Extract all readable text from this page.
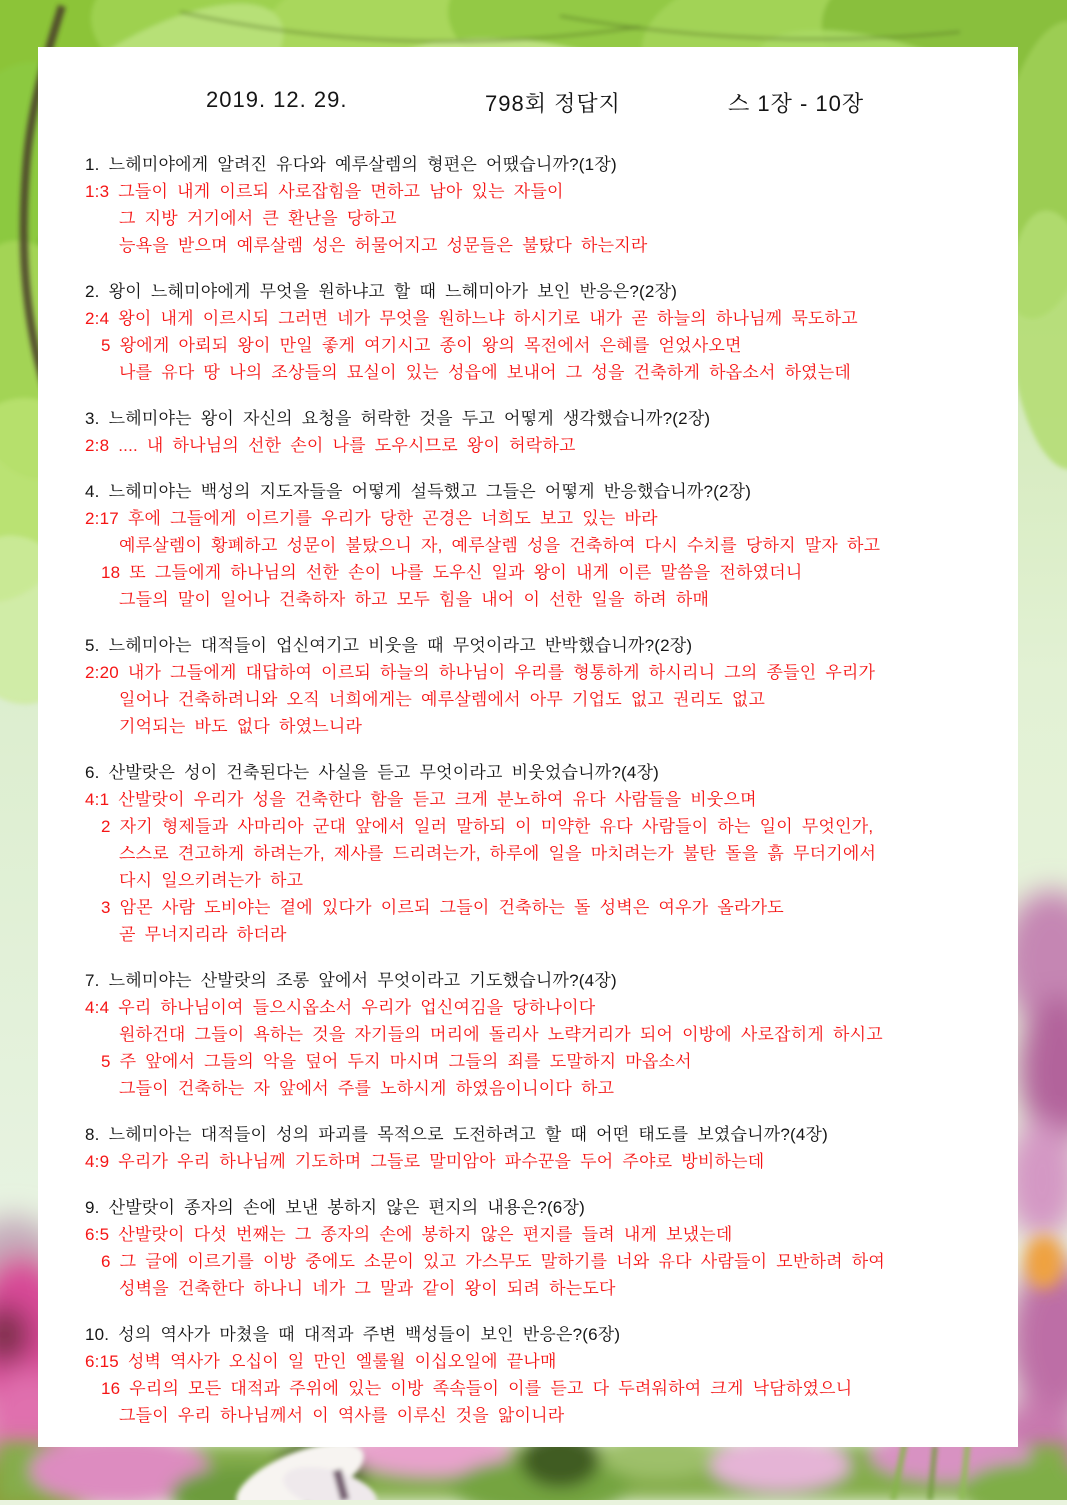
2019. 12. 29.	798회 정답지	스 1장 - 10장
1. 느헤미야에게 알려진 유다와 예루살렘의 형편은 어땠습니까?(1장)
1:3 그들이 내게 이르되 사로잡힘을 면하고 남아 있는 자들이
그 지방 거기에서 큰 환난을 당하고
능욕을 받으며 예루살렘 성은 허물어지고 성문들은 불탔다 하는지라
2. 왕이 느헤미야에게 무엇을 원하냐고 할 때 느헤미아가 보인 반응은?(2장)
2:4 왕이 내게 이르시되 그러면 네가 무엇을 원하느냐 하시기로 내가 곧 하늘의 하나님께 묵도하고
5 왕에게 아뢰되 왕이 만일 좋게 여기시고 종이 왕의 목전에서 은혜를 얻었사오면
나를 유다 땅 나의 조상들의 묘실이 있는 성읍에 보내어 그 성을 건축하게 하옵소서 하였는데
3. 느헤미야는 왕이 자신의 요청을 허락한 것을 두고 어떻게 생각했습니까?(2장)
2:8 .... 내 하나님의 선한 손이 나를 도우시므로 왕이 허락하고
4. 느헤미야는 백성의 지도자들을 어떻게 설득했고 그들은 어떻게 반응했습니까?(2장)
2:17 후에 그들에게 이르기를 우리가 당한 곤경은 너희도 보고 있는 바라
예루살렘이 황폐하고 성문이 불탔으니 자, 예루살렘 성을 건축하여 다시 수치를 당하지 말자 하고
18 또 그들에게 하나님의 선한 손이 나를 도우신 일과 왕이 내게 이른 말씀을 전하였더니
그들의 말이 일어나 건축하자 하고 모두 힘을 내어 이 선한 일을 하려 하매
5. 느헤미아는 대적들이 업신여기고 비웃을 때 무엇이라고 반박했습니까?(2장)
2:20 내가 그들에게 대답하여 이르되 하늘의 하나님이 우리를 형통하게 하시리니 그의 종들인 우리가
일어나 건축하려니와 오직 너희에게는 예루살렘에서 아무 기업도 없고 권리도 없고
기억되는 바도 없다 하였느니라
6. 산발랏은 성이 건축된다는 사실을 듣고 무엇이라고 비웃었습니까?(4장)
4:1 산발랏이 우리가 성을 건축한다 함을 듣고 크게 분노하여 유다 사람들을 비웃으며
2 자기 형제들과 사마리아 군대 앞에서 일러 말하되 이 미약한 유다 사람들이 하는 일이 무엇인가,
스스로 견고하게 하려는가, 제사를 드리려는가, 하루에 일을 마치려는가 불탄 돌을 흙 무더기에서
다시 일으키려는가 하고
3 암몬 사람 도비야는 곁에 있다가 이르되 그들이 건축하는 돌 성벽은 여우가 올라가도
곧 무너지리라 하더라
7. 느헤미야는 산발랏의 조롱 앞에서 무엇이라고 기도했습니까?(4장)
4:4 우리 하나님이여 들으시옵소서 우리가 업신여김을 당하나이다
원하건대 그들이 욕하는 것을 자기들의 머리에 돌리사 노략거리가 되어 이방에 사로잡히게 하시고
5 주 앞에서 그들의 악을 덮어 두지 마시며 그들의 죄를 도말하지 마옵소서
그들이 건축하는 자 앞에서 주를 노하시게 하였음이니이다 하고
8. 느헤미아는 대적들이 성의 파괴를 목적으로 도전하려고 할 때 어떤 태도를 보였습니까?(4장)
4:9 우리가 우리 하나님께 기도하며 그들로 말미암아 파수꾼을 두어 주야로 방비하는데
9. 산발랏이 종자의 손에 보낸 봉하지 않은 편지의 내용은?(6장)
6:5 산발랏이 다섯 번째는 그 종자의 손에 봉하지 않은 편지를 들려 내게 보냈는데
6 그 글에 이르기를 이방 중에도 소문이 있고 가스무도 말하기를 너와 유다 사람들이 모반하려 하여
성벽을 건축한다 하나니 네가 그 말과 같이 왕이 되려 하는도다
10. 성의 역사가 마쳤을 때 대적과 주변 백성들이 보인 반응은?(6장)
6:15 성벽 역사가 오십이 일 만인 엘룰월 이십오일에 끝나매
16 우리의 모든 대적과 주위에 있는 이방 족속들이 이를 듣고 다 두려워하여 크게 낙담하였으니
그들이 우리 하나님께서 이 역사를 이루신 것을 앎이니라
